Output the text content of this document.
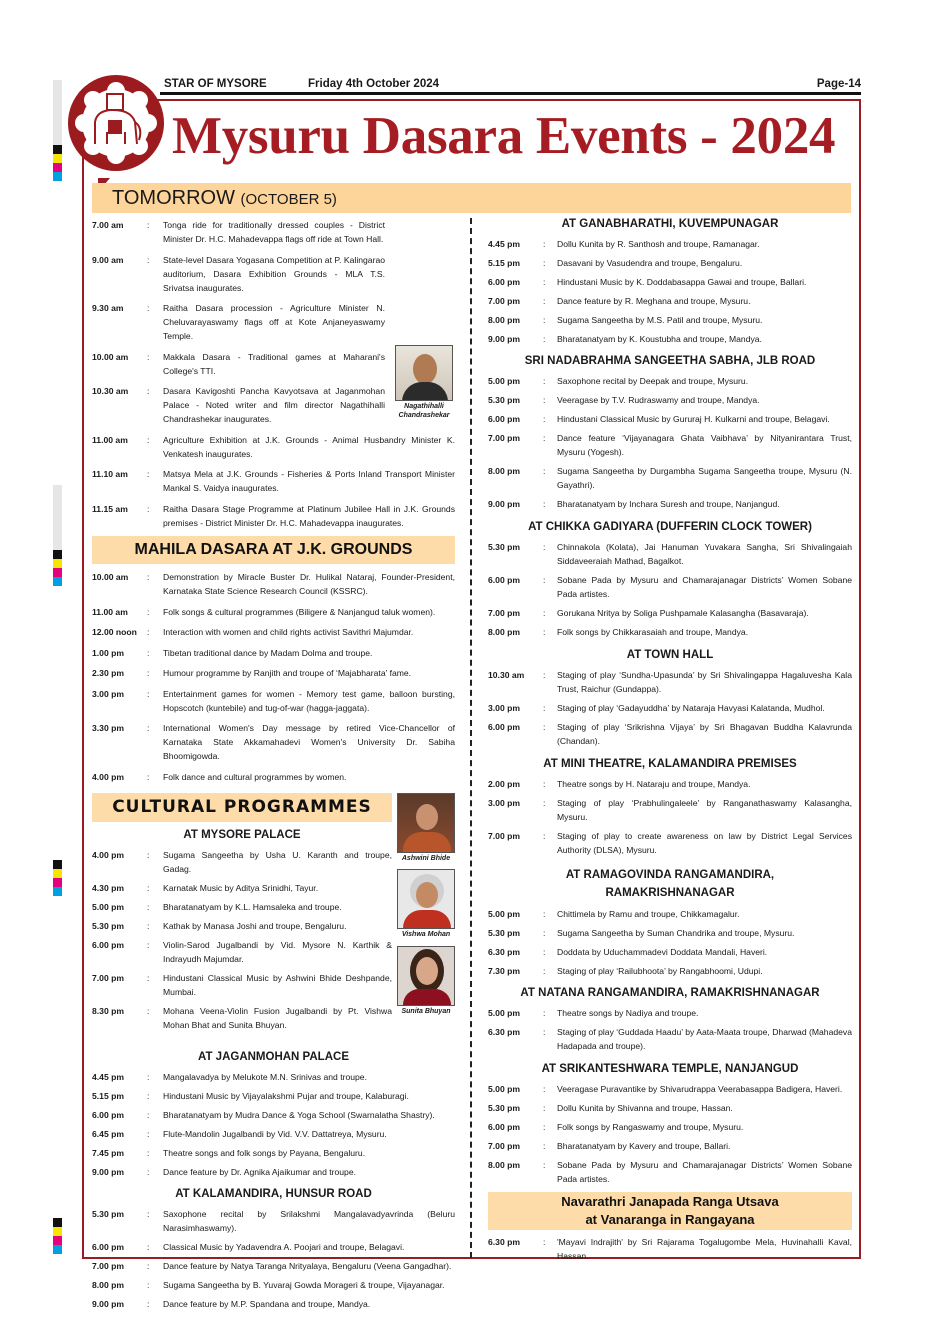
STAR OF MYSORE	Friday 4th October 2024	Page-14
Mysuru Dasara Events - 2024
TOMORROW (OCTOBER 5)
Nagathihalli Chandrashekar
7.00 am	:	Tonga ride for traditionally dressed couples - District Minister Dr. H.C. Mahadevappa flags off ride at Town Hall.
9.00 am	:	State-level Dasara Yogasana Competition at P. Kalingarao auditorium, Dasara Exhibition Grounds - MLA T.S. Srivatsa inaugurates.
9.30 am	:	Raitha Dasara procession - Agriculture Minister N. Cheluvarayaswamy flags off at Kote Anjaneyaswamy Temple.
10.00 am	:	Makkala Dasara - Traditional games at Maharani's College's TTI.
10.30 am	:	Dasara Kavigoshti Pancha Kavyotsava at Jaganmohan Palace - Noted writer and film director Nagathihalli Chandrashekar inaugurates.
11.00 am	:	Agriculture Exhibition at J.K. Grounds - Animal Husbandry Minister K. Venkatesh inaugurates.
11.10 am	:	Matsya Mela at J.K. Grounds - Fisheries & Ports Inland Transport Minister Mankal S. Vaidya inaugurates.
11.15 am	:	Raitha Dasara Stage Programme at Platinum Jubilee Hall in J.K. Grounds premises - District Minister Dr. H.C. Mahadevappa inaugurates.
MAHILA DASARA AT J.K. GROUNDS
10.00 am	:	Demonstration by Miracle Buster Dr. Hulikal Nataraj, Founder-President, Karnataka State Science Research Council (KSSRC).
11.00 am	:	Folk songs & cultural programmes (Biligere & Nanjangud taluk women).
12.00 noon	:	Interaction with women and child rights activist Savithri Majumdar.
1.00 pm	:	Tibetan traditional dance by Madam Dolma and troupe.
2.30 pm	:	Humour programme by Ranjith and troupe of ‘Majabharata’ fame.
3.00 pm	:	Entertainment games for women - Memory test game, balloon bursting, Hopscotch (kuntebile) and tug-of-war (hagga-jaggata).
3.30 pm	:	International Women's Day message by retired Vice-Chancellor of Karnataka State Akkamahadevi Women's University Dr. Sabiha Bhoomigowda.
4.00 pm	:	Folk dance and cultural programmes by women.
CULTURAL PROGRAMMES
AT MYSORE PALACE
4.00 pm	:	Sugama Sangeetha by Usha U. Karanth and troupe, Gadag.
4.30 pm	:	Karnatak Music by Aditya Srinidhi, Tayur.
5.00 pm	:	Bharatanatyam by K.L. Hamsaleka and troupe.
5.30 pm	:	Kathak by Manasa Joshi and troupe, Bengaluru.
6.00 pm	:	Violin-Sarod Jugalbandi by Vid. Mysore N. Karthik & Indrayudh Majumdar.
7.00 pm	:	Hindustani Classical Music by Ashwini Bhide Deshpande, Mumbai.
8.30 pm	:	Mohana Veena-Violin Fusion Jugalbandi by Pt. Vishwa Mohan Bhat and Sunita Bhuyan.
Ashwini Bhide
Vishwa Mohan
Sunita Bhuyan
AT JAGANMOHAN PALACE
4.45 pm	:	Mangalavadya by Melukote M.N. Srinivas and troupe.
5.15 pm	:	Hindustani Music by Vijayalakshmi Pujar and troupe, Kalaburagi.
6.00 pm	:	Bharatanatyam by Mudra Dance & Yoga School (Swarnalatha Shastry).
6.45 pm	:	Flute-Mandolin Jugalbandi by Vid. V.V. Dattatreya, Mysuru.
7.45 pm	:	Theatre songs and folk songs by Payana, Bengaluru.
9.00 pm	:	Dance feature by Dr. Agnika Ajaikumar and troupe.
AT KALAMANDIRA, HUNSUR ROAD
5.30 pm	:	Saxophone recital by Srilakshmi Mangalavadyavrinda (Beluru Narasimhaswamy).
6.00 pm	:	Classical Music by Yadavendra A. Poojari and troupe, Belagavi.
7.00 pm	:	Dance feature by Natya Taranga Nrityalaya, Bengaluru (Veena Gangadhar).
8.00 pm	:	Sugama Sangeetha by B. Yuvaraj Gowda Morageri & troupe, Vijayanagar.
9.00 pm	:	Dance feature by M.P. Spandana and troupe, Mandya.
AT GANABHARATHI, KUVEMPUNAGAR
4.45 pm	:	Dollu Kunita by R. Santhosh and troupe, Ramanagar.
5.15 pm	:	Dasavani by Vasudendra and troupe, Bengaluru.
6.00 pm	:	Hindustani Music by K. Doddabasappa Gawai and troupe, Ballari.
7.00 pm	:	Dance feature by R. Meghana and troupe, Mysuru.
8.00 pm	:	Sugama Sangeetha by M.S. Patil and troupe, Mysuru.
9.00 pm	:	Bharatanatyam by K. Koustubha and troupe, Mandya.
SRI NADABRAHMA SANGEETHA SABHA, JLB ROAD
5.00 pm	:	Saxophone recital by Deepak and troupe, Mysuru.
5.30 pm	:	Veeragase by T.V. Rudraswamy and troupe, Mandya.
6.00 pm	:	Hindustani Classical Music by Gururaj H. Kulkarni and troupe, Belagavi.
7.00 pm	:	Dance feature ‘Vijayanagara Ghata Vaibhava’ by Nityanirantara Trust, Mysuru (Yogesh).
8.00 pm	:	Sugama Sangeetha by Durgambha Sugama Sangeetha troupe, Mysuru (N. Gayathri).
9.00 pm	:	Bharatanatyam by Inchara Suresh and troupe, Nanjangud.
AT CHIKKA GADIYARA (DUFFERIN CLOCK TOWER)
5.30 pm	:	Chinnakola (Kolata), Jai Hanuman Yuvakara Sangha, Sri Shivalingaiah Siddaveeraiah Mathad, Bagalkot.
6.00 pm	:	Sobane Pada by Mysuru and Chamarajanagar Districts’ Women Sobane Pada artistes.
7.00 pm	:	Gorukana Nritya by Soliga Pushpamale Kalasangha (Basavaraja).
8.00 pm	:	Folk songs by Chikkarasaiah and troupe, Mandya.
AT TOWN HALL
10.30 am	:	Staging of play ‘Sundha-Upasunda’ by Sri Shivalingappa Hagaluvesha Kala Trust, Raichur (Gundappa).
3.00 pm	:	Staging of play ‘Gadayuddha’ by Nataraja Havyasi Kalatanda, Mudhol.
6.00 pm	:	Staging of play ‘Srikrishna Vijaya’ by Sri Bhagavan Buddha Kalavrunda (Chandan).
AT MINI THEATRE, KALAMANDIRA PREMISES
2.00 pm	:	Theatre songs by H. Nataraju and troupe, Mandya.
3.00 pm	:	Staging of play ‘Prabhulingaleele’ by Ranganathaswamy Kalasangha, Mysuru.
7.00 pm	:	Staging of play to create awareness on law by District Legal Services Authority (DLSA), Mysuru.
AT RAMAGOVINDA RANGAMANDIRA,
RAMAKRISHNANAGAR
5.00 pm	:	Chittimela by Ramu and troupe, Chikkamagalur.
5.30 pm	:	Sugama Sangeetha by Suman Chandrika and troupe, Mysuru.
6.30 pm	:	Doddata by Uduchammadevi Doddata Mandali, Haveri.
7.30 pm	:	Staging of play ‘Railubhoota’ by Rangabhoomi, Udupi.
AT NATANA RANGAMANDIRA, RAMAKRISHNANAGAR
5.00 pm	:	Theatre songs by Nadiya and troupe.
6.30 pm	:	Staging of play ‘Guddada Haadu’ by Aata-Maata troupe, Dharwad (Mahadeva Hadapada and troupe).
AT SRIKANTESHWARA TEMPLE, NANJANGUD
5.00 pm	:	Veeragase Puravantike by Shivarudrappa Veerabasappa Badigera, Haveri.
5.30 pm	:	Dollu Kunita by Shivanna and troupe, Hassan.
6.00 pm	:	Folk songs by Rangaswamy and troupe, Mysuru.
7.00 pm	:	Bharatanatyam by Kavery and troupe, Ballari.
8.00 pm	:	Sobane Pada by Mysuru and Chamarajanagar Districts’ Women Sobane Pada artistes.
Navarathri Janapada Ranga Utsava
at Vanaranga in Rangayana
6.30 pm	:	'Mayavi Indrajith' by Sri Rajarama Togalugombe Mela, Huvinahalli Kaval, Hassan.
